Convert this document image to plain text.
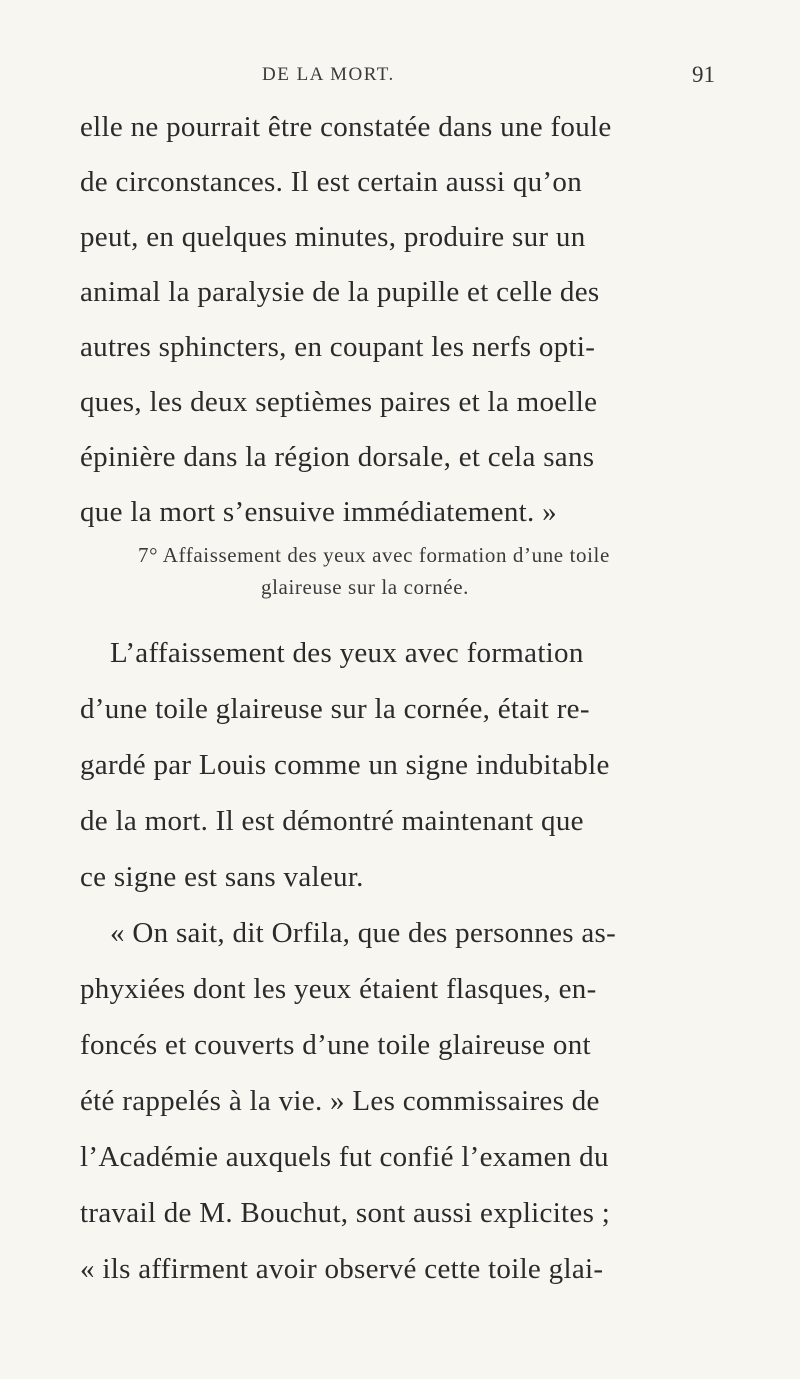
DE LA MORT.	91
elle ne pourrait être constatée dans une foule
de circonstances. Il est certain aussi qu’on
peut, en quelques minutes, produire sur un
animal la paralysie de la pupille et celle des
autres sphincters, en coupant les nerfs opti-
ques, les deux septièmes paires et la moelle
épinière dans la région dorsale, et cela sans
que la mort s’ensuive immédiatement. »
7° Affaissement des yeux avec formation d’une toile
glaireuse sur la cornée.
L’affaissement des yeux avec formation
d’une toile glaireuse sur la cornée, était re-
gardé par Louis comme un signe indubitable
de la mort. Il est démontré maintenant que
ce signe est sans valeur.
« On sait, dit Orfila, que des personnes as-
phyxiées dont les yeux étaient flasques, en-
foncés et couverts d’une toile glaireuse ont
été rappelés à la vie. » Les commissaires de
l’Académie auxquels fut confié l’examen du
travail de M. Bouchut, sont aussi explicites ;
« ils affirment avoir observé cette toile glai-
